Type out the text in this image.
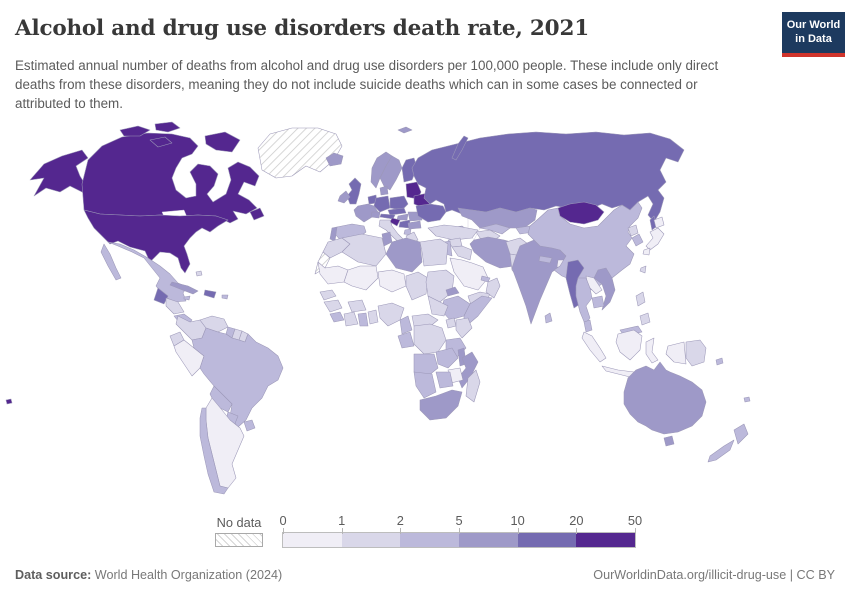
Alcohol and drug use disorders death rate, 2021
Estimated annual number of deaths from alcohol and drug use disorders per 100,000 people. These include only direct deaths from these disorders, meaning they do not include suicide deaths which can in some cases be connected or attributed to them.
Our World
in Data
No data 0	1	2	5	10	20	50
Data source: World Health Organization (2024)	OurWorldinData.org/illicit-drug-use | CC BY
